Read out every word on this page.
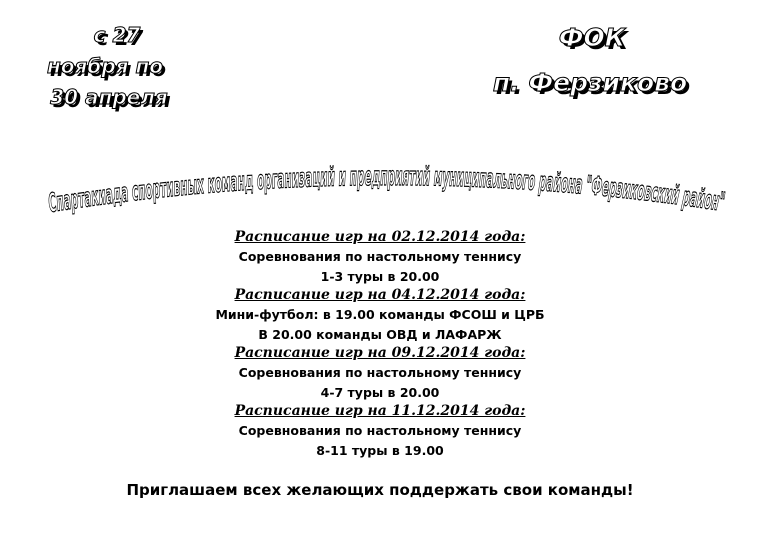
с 27
ноября по
30 апреля
ФОК
п. Ферзиково
Спартакиада спортивных команд организаций и предприятий муниципального района "Ферзиковский район"
Расписание игр на 02.12.2014 года:
Соревнования по настольному теннису
1-3 туры в 20.00
Расписание игр на 04.12.2014 года:
Мини-футбол: в 19.00 команды ФСОШ и ЦРБ
В 20.00 команды ОВД и ЛАФАРЖ
Расписание игр на 09.12.2014 года:
Соревнования по настольному теннису
4-7 туры в 20.00
Расписание игр на 11.12.2014 года:
Соревнования по настольному теннису
8-11 туры в 19.00
Приглашаем всех желающих поддержать свои команды!
